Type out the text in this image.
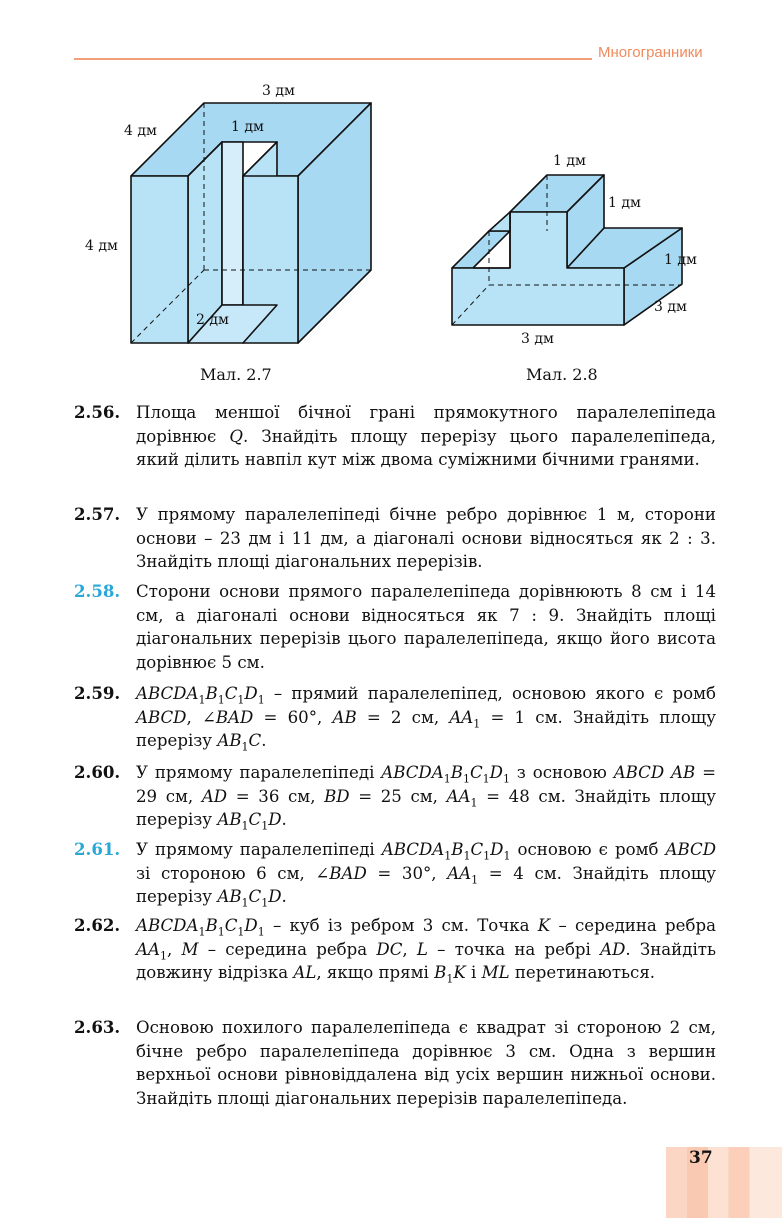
Многогранники
3 дм
4 дм	1 дм
4 дм
2 дм
1 дм
1 дм
1 дм
3 дм
3 дм
Мал. 2.7	Мал. 2.8
2.56. Площа меншої бічної грані прямокутного паралелепіпеда дорівнює Q. Знайдіть площу перерізу цього паралелепіпеда, який ділить навпіл кут між двома суміжними бічними гранями.
2.57. У прямому паралелепіпеді бічне ребро дорівнює 1 м, сторони основи – 23 дм і 11 дм, а діагоналі основи відносяться як 2 : 3. Знайдіть площі діагональних перерізів.
2.58. Сторони основи прямого паралелепіпеда дорівнюють 8 см і 14 см, а діагоналі основи відносяться як 7 : 9. Знайдіть площі діагональних перерізів цього паралелепіпеда, якщо його висота дорівнює 5 см.
2.59. $ABCDA_1B_1C_1D_1$ – прямий паралелепіпед, основою якого є ромб ABCD, ∠BAD = 60°, AB = 2 см, $AA_1 = 1$ см. Знайдіть площу перерізу $AB_1C$.
2.60. У прямому паралелепіпеді $ABCDA_1B_1C_1D_1$ з основою ABCD AB = 29 см, AD = 36 см, BD = 25 см, $AA_1 = 48$ см. Знайдіть площу перерізу $AB_1C_1D$.
2.61. У прямому паралелепіпеді $ABCDA_1B_1C_1D_1$ основою є ромб ABCD зі стороною 6 см, ∠BAD = 30°, $AA_1 = 4$ см. Знайдіть площу перерізу $AB_1C_1D$.
2.62. $ABCDA_1B_1C_1D_1$ – куб із ребром 3 см. Точка K – середина ребра $AA_1$, M – середина ребра DC, L – точка на ребрі AD. Знайдіть довжину відрізка AL, якщо прямі $B_1K$ і ML перетинаються.
2.63. Основою похилого паралелепіпеда є квадрат зі стороною 2 см, бічне ребро паралелепіпеда дорівнює 3 см. Одна з вершин верхньої основи рівновіддалена від усіх вершин нижньої основи. Знайдіть площі діагональних перерізів паралелепіпеда.
37
